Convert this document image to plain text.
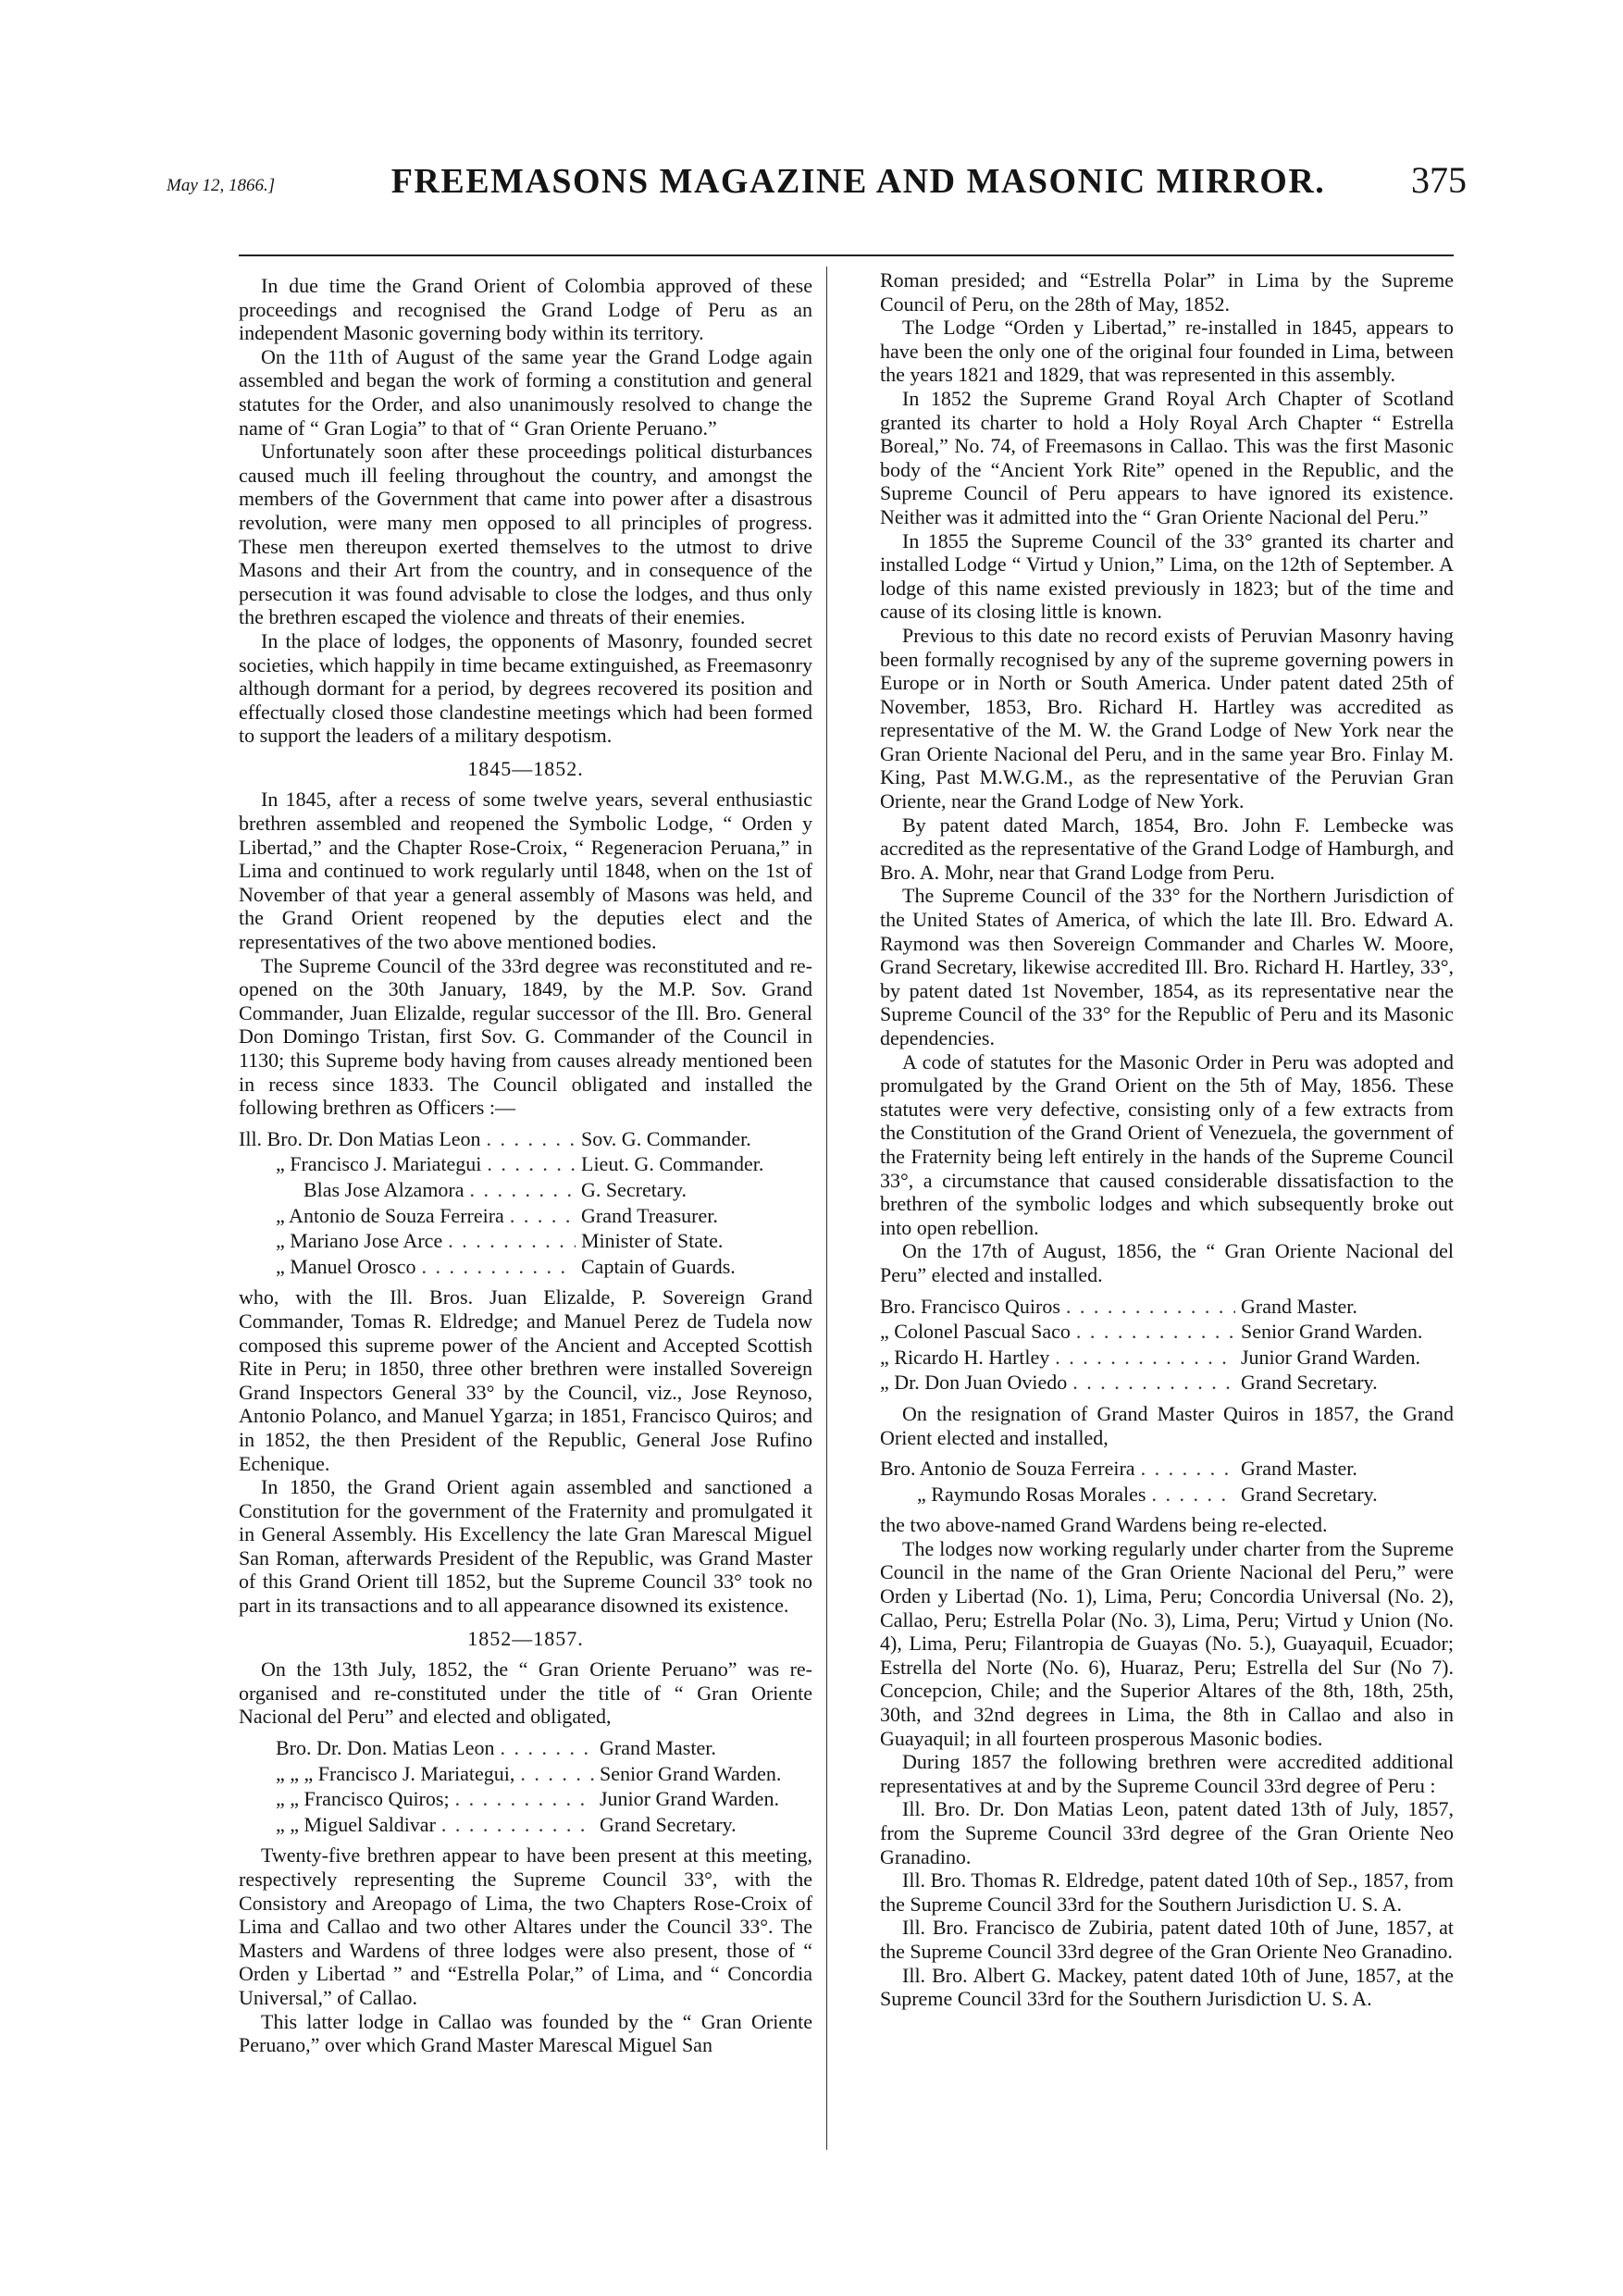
May 12, 1866.]	FREEMASONS MAGAZINE AND MASONIC MIRROR.	375

In due time the Grand Orient of Colombia approved of these proceedings and recognised the Grand Lodge of Peru as an independent Masonic governing body within its territory.

On the 11th of August of the same year the Grand Lodge again assembled and began the work of forming a constitution and general statutes for the Order, and also unanimously resolved to change the name of “ Gran Logia” to that of “ Gran Oriente Peruano.”

Unfortunately soon after these proceedings political disturbances caused much ill feeling throughout the country, and amongst the members of the Government that came into power after a disastrous revolution, were many men opposed to all principles of progress. These men thereupon exerted themselves to the utmost to drive Masons and their Art from the country, and in consequence of the persecution it was found advisable to close the lodges, and thus only the brethren escaped the violence and threats of their enemies.

In the place of lodges, the opponents of Masonry, founded secret societies, which happily in time became extinguished, as Freemasonry although dormant for a period, by degrees recovered its position and effectually closed those clandestine meetings which had been formed to support the leaders of a military despotism.

1845—1852.

In 1845, after a recess of some twelve years, several enthusiastic brethren assembled and reopened the Symbolic Lodge, “ Orden y Libertad,” and the Chapter Rose-Croix, “ Regeneracion Peruana,” in Lima and continued to work regularly until 1848, when on the 1st of November of that year a general assembly of Masons was held, and the Grand Orient reopened by the deputies elect and the representatives of the two above mentioned bodies.

The Supreme Council of the 33rd degree was reconstituted and re-opened on the 30th January, 1849, by the M.P. Sov. Grand Commander, Juan Elizalde, regular successor of the Ill. Bro. General Don Domingo Tristan, first Sov. G. Commander of the Council in 1130; this Supreme body having from causes already mentioned been in recess since 1833. The Council obligated and installed the following brethren as Officers :—

Ill. Bro. Dr. Don Matias Leon . . .	Sov. G. Commander.
„ Francisco J. Mariategui . . .	Lieut. G. Commander.
Blas Jose Alzamora . . .	G. Secretary.
„ Antonio de Souza Ferreira . . .	Grand Treasurer.
„ Mariano Jose Arce . . .	Minister of State.
„ Manuel Orosco . . .	Captain of Guards.

who, with the Ill. Bros. Juan Elizalde, P. Sovereign Grand Commander, Tomas R. Eldredge; and Manuel Perez de Tudela now composed this supreme power of the Ancient and Accepted Scottish Rite in Peru; in 1850, three other brethren were installed Sovereign Grand Inspectors General 33° by the Council, viz., Jose Reynoso, Antonio Polanco, and Manuel Ygarza; in 1851, Francisco Quiros; and in 1852, the then President of the Republic, General Jose Rufino Echenique.

In 1850, the Grand Orient again assembled and sanctioned a Constitution for the government of the Fraternity and promulgated it in General Assembly. His Excellency the late Gran Marescal Miguel San Roman, afterwards President of the Republic, was Grand Master of this Grand Orient till 1852, but the Supreme Council 33° took no part in its transactions and to all appearance disowned its existence.

1852—1857.

On the 13th July, 1852, the “ Gran Oriente Peruano” was re-organised and re-constituted under the title of “ Gran Oriente Nacional del Peru” and elected and obligated,

Bro. Dr. Don. Matias Leon . . .	Grand Master.
„ „ „ Francisco J. Mariategui, . . .	Senior Grand Warden.
„ „ Francisco Quiros; . . .	Junior Grand Warden.
„ „ Miguel Saldivar . . .	Grand Secretary.

Twenty-five brethren appear to have been present at this meeting, respectively representing the Supreme Council 33°, with the Consistory and Areopago of Lima, the two Chapters Rose-Croix of Lima and Callao and two other Altares under the Council 33°. The Masters and Wardens of three lodges were also present, those of “ Orden y Libertad ” and “Estrella Polar,” of Lima, and “ Concordia Universal,” of Callao.

This latter lodge in Callao was founded by the “ Gran Oriente Peruano,” over which Grand Master Marescal Miguel San

Roman presided; and “Estrella Polar” in Lima by the Supreme Council of Peru, on the 28th of May, 1852.

The Lodge “Orden y Libertad,” re-installed in 1845, appears to have been the only one of the original four founded in Lima, between the years 1821 and 1829, that was represented in this assembly.

In 1852 the Supreme Grand Royal Arch Chapter of Scotland granted its charter to hold a Holy Royal Arch Chapter “ Estrella Boreal,” No. 74, of Freemasons in Callao. This was the first Masonic body of the “Ancient York Rite” opened in the Republic, and the Supreme Council of Peru appears to have ignored its existence. Neither was it admitted into the “ Gran Oriente Nacional del Peru.”

In 1855 the Supreme Council of the 33° granted its charter and installed Lodge “ Virtud y Union,” Lima, on the 12th of September. A lodge of this name existed previously in 1823; but of the time and cause of its closing little is known.

Previous to this date no record exists of Peruvian Masonry having been formally recognised by any of the supreme governing powers in Europe or in North or South America. Under patent dated 25th of November, 1853, Bro. Richard H. Hartley was accredited as representative of the M. W. the Grand Lodge of New York near the Gran Oriente Nacional del Peru, and in the same year Bro. Finlay M. King, Past M.W.G.M., as the representative of the Peruvian Gran Oriente, near the Grand Lodge of New York.

By patent dated March, 1854, Bro. John F. Lembecke was accredited as the representative of the Grand Lodge of Hamburgh, and Bro. A. Mohr, near that Grand Lodge from Peru.

The Supreme Council of the 33° for the Northern Jurisdiction of the United States of America, of which the late Ill. Bro. Edward A. Raymond was then Sovereign Commander and Charles W. Moore, Grand Secretary, likewise accredited Ill. Bro. Richard H. Hartley, 33°, by patent dated 1st November, 1854, as its representative near the Supreme Council of the 33° for the Republic of Peru and its Masonic dependencies.

A code of statutes for the Masonic Order in Peru was adopted and promulgated by the Grand Orient on the 5th of May, 1856. These statutes were very defective, consisting only of a few extracts from the Constitution of the Grand Orient of Venezuela, the government of the Fraternity being left entirely in the hands of the Supreme Council 33°, a circumstance that caused considerable dissatisfaction to the brethren of the symbolic lodges and which subsequently broke out into open rebellion.

On the 17th of August, 1856, the “ Gran Oriente Nacional del Peru” elected and installed.

Bro. Francisco Quiros . . .	Grand Master.
„ Colonel Pascual Saco . . .	Senior Grand Warden.
„ Ricardo H. Hartley . . .	Junior Grand Warden.
„ Dr. Don Juan Oviedo . . .	Grand Secretary.

On the resignation of Grand Master Quiros in 1857, the Grand Orient elected and installed,

Bro. Antonio de Souza Ferreira . . .	Grand Master.
„ Raymundo Rosas Morales . . .	Grand Secretary.

the two above-named Grand Wardens being re-elected.

The lodges now working regularly under charter from the Supreme Council in the name of the Gran Oriente Nacional del Peru,” were Orden y Libertad (No. 1), Lima, Peru; Concordia Universal (No. 2), Callao, Peru; Estrella Polar (No. 3), Lima, Peru; Virtud y Union (No. 4), Lima, Peru; Filantropia de Guayas (No. 5.), Guayaquil, Ecuador; Estrella del Norte (No. 6), Huaraz, Peru; Estrella del Sur (No 7). Concepcion, Chile; and the Superior Altares of the 8th, 18th, 25th, 30th, and 32nd degrees in Lima, the 8th in Callao and also in Guayaquil; in all fourteen prosperous Masonic bodies.

During 1857 the following brethren were accredited additional representatives at and by the Supreme Council 33rd degree of Peru :

Ill. Bro. Dr. Don Matias Leon, patent dated 13th of July, 1857, from the Supreme Council 33rd degree of the Gran Oriente Neo Granadino.

Ill. Bro. Thomas R. Eldredge, patent dated 10th of Sep., 1857, from the Supreme Council 33rd for the Southern Jurisdiction U. S. A.

Ill. Bro. Francisco de Zubiria, patent dated 10th of June, 1857, at the Supreme Council 33rd degree of the Gran Oriente Neo Granadino.

Ill. Bro. Albert G. Mackey, patent dated 10th of June, 1857, at the Supreme Council 33rd for the Southern Jurisdiction U. S. A.
